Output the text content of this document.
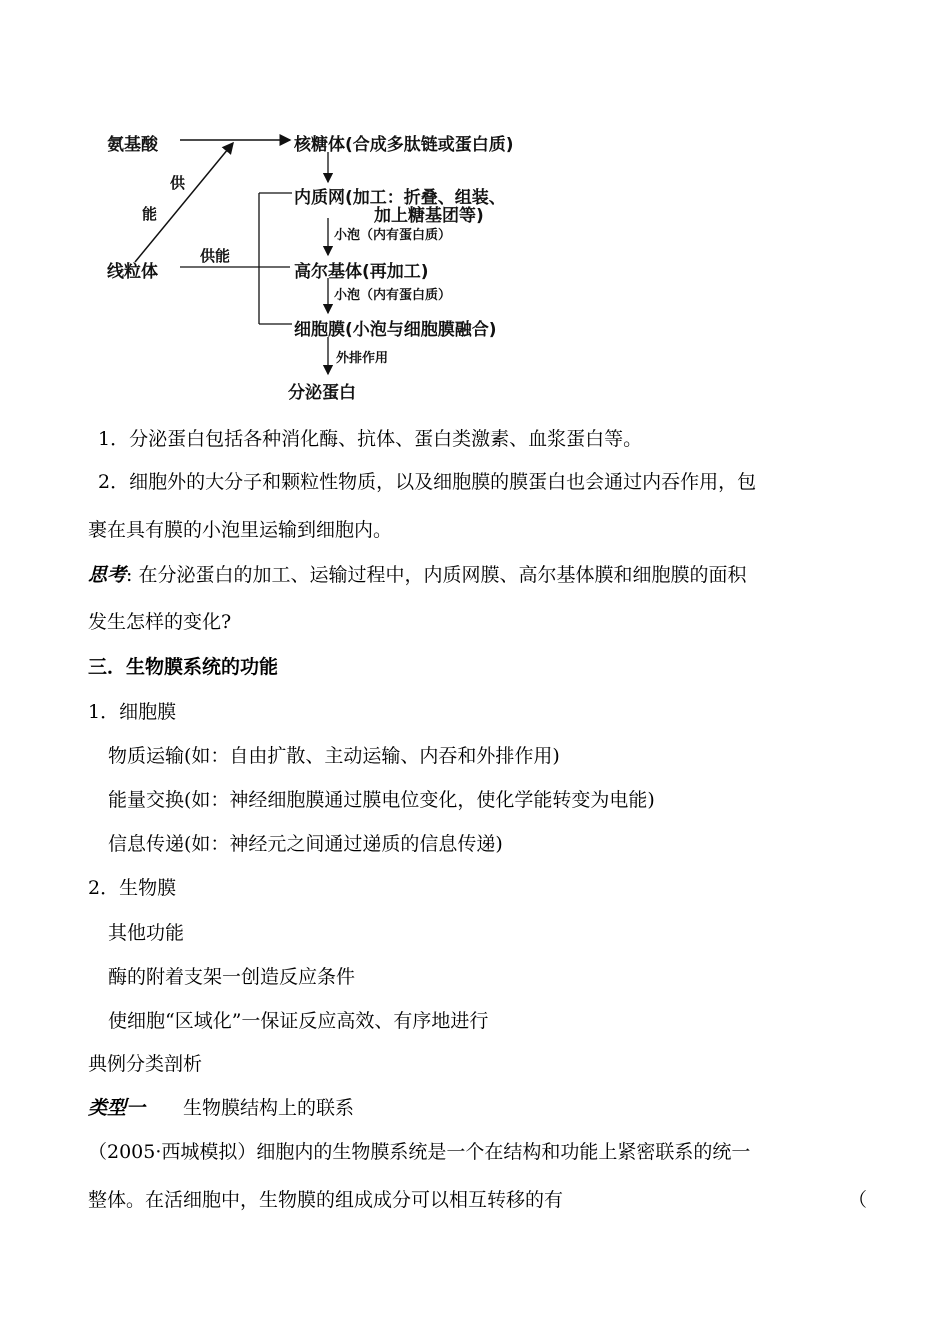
氨基酸	核糖体(合成多肽链或蛋白质)
供
能
内质网(加工：折叠、组装、
加上糖基团等)
小泡（内有蛋白质）
供能
线粒体	高尔基体(再加工)
小泡（内有蛋白质）
细胞膜(小泡与细胞膜融合)
外排作用
分泌蛋白
1．分泌蛋白包括各种消化酶、抗体、蛋白类激素、血浆蛋白等。
2．细胞外的大分子和颗粒性物质，以及细胞膜的膜蛋白也会通过内吞作用，包
裹在具有膜的小泡里运输到细胞内。
思考: 在分泌蛋白的加工、运输过程中，内质网膜、高尔基体膜和细胞膜的面积
发生怎样的变化?
三．生物膜系统的功能
1．细胞膜
物质运输(如：自由扩散、主动运输、内吞和外排作用)
能量交换(如：神经细胞膜通过膜电位变化，使化学能转变为电能)
信息传递(如：神经元之间通过递质的信息传递)
2．生物膜
其他功能
酶的附着支架一创造反应条件
使细胞“区域化”一保证反应高效、有序地进行
典例分类剖析
类型一 生物膜结构上的联系
（2005·西城模拟）细胞内的生物膜系统是一个在结构和功能上紧密联系的统一
整体。在活细胞中，生物膜的组成成分可以相互转移的有	（
